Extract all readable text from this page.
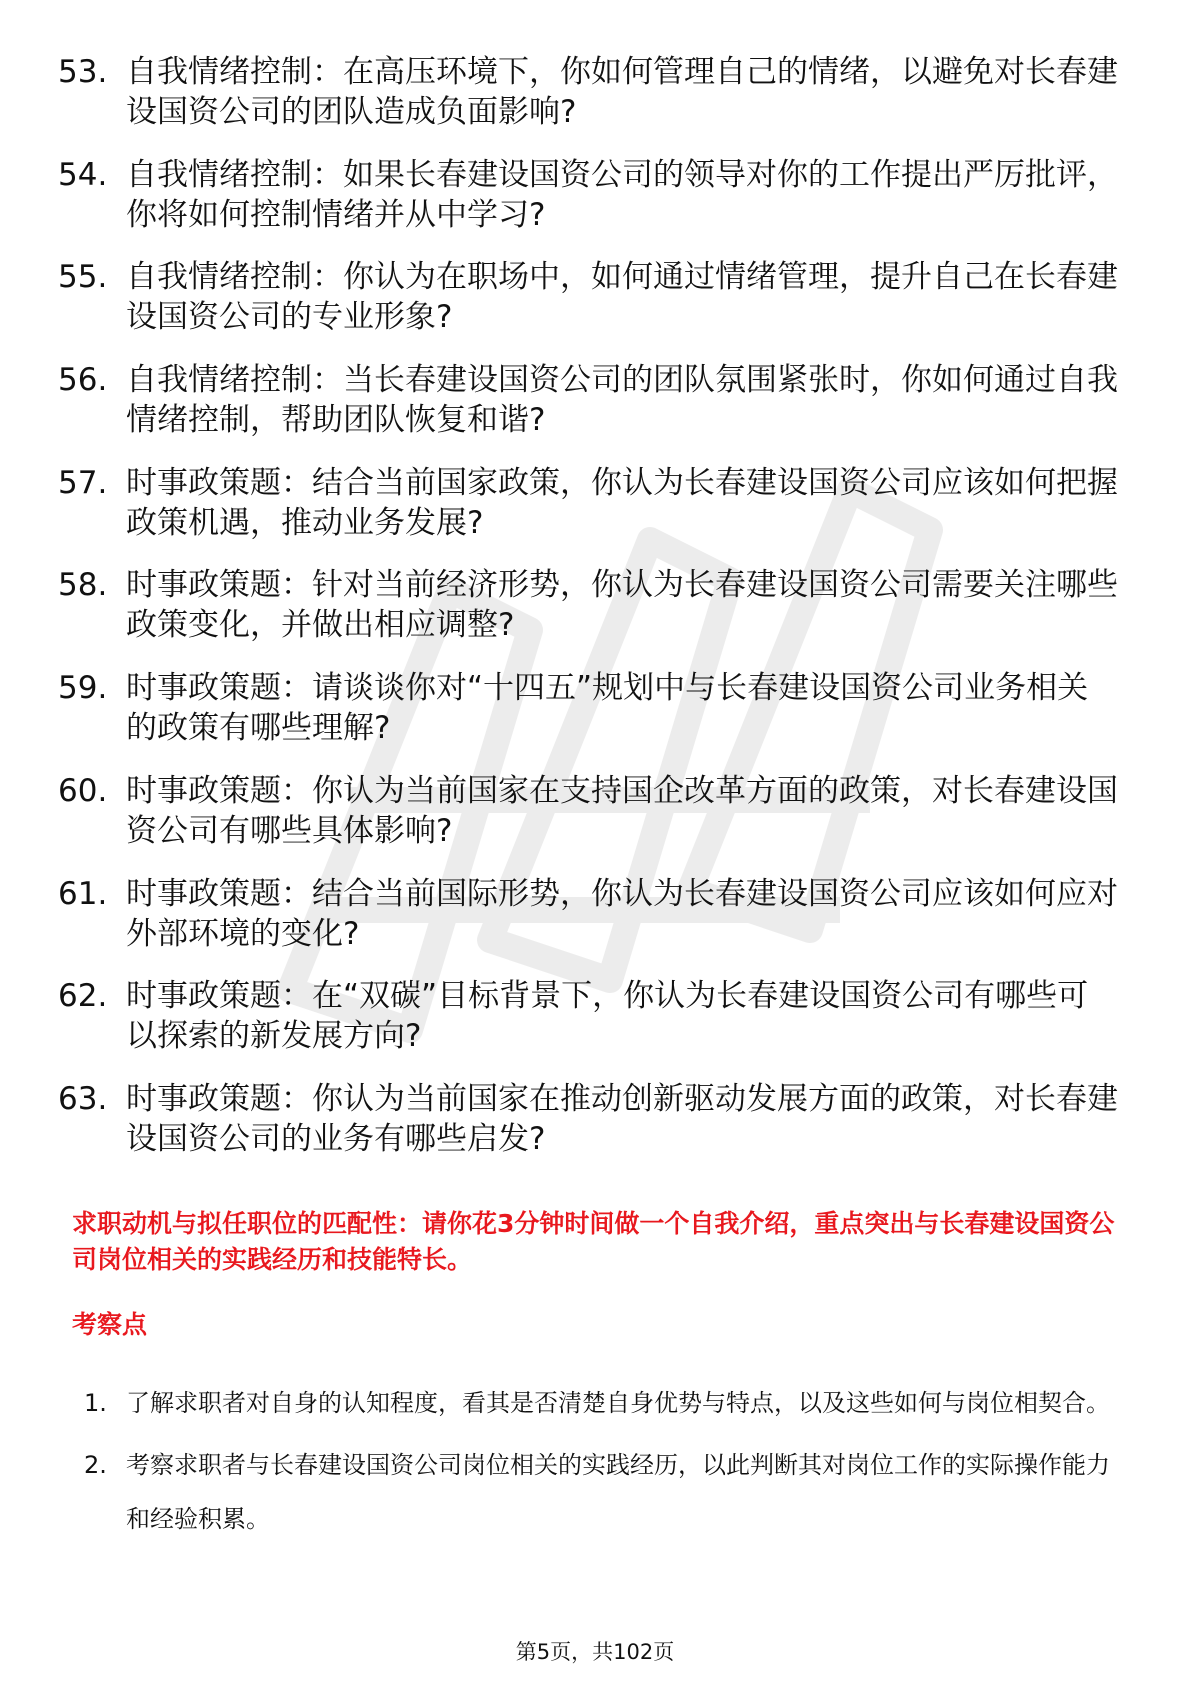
53. 自我情绪控制：在高压环境下，你如何管理自己的情绪，以避免对长春建设国资公司的团队造成负面影响?
54. 自我情绪控制：如果长春建设国资公司的领导对你的工作提出严厉批评，你将如何控制情绪并从中学习?
55. 自我情绪控制：你认为在职场中，如何通过情绪管理，提升自己在长春建设国资公司的专业形象?
56. 自我情绪控制：当长春建设国资公司的团队氛围紧张时，你如何通过自我情绪控制，帮助团队恢复和谐?
57. 时事政策题：结合当前国家政策，你认为长春建设国资公司应该如何把握政策机遇，推动业务发展?
58. 时事政策题：针对当前经济形势，你认为长春建设国资公司需要关注哪些政策变化，并做出相应调整?
59. 时事政策题：请谈谈你对“十四五”规划中与长春建设国资公司业务相关的政策有哪些理解?
60. 时事政策题：你认为当前国家在支持国企改革方面的政策，对长春建设国资公司有哪些具体影响?
61. 时事政策题：结合当前国际形势，你认为长春建设国资公司应该如何应对外部环境的变化?
62. 时事政策题：在“双碳”目标背景下，你认为长春建设国资公司有哪些可以探索的新发展方向?
63. 时事政策题：你认为当前国家在推动创新驱动发展方面的政策，对长春建设国资公司的业务有哪些启发?

求职动机与拟任职位的匹配性：请你花3分钟时间做一个自我介绍，重点突出与长春建设国资公司岗位相关的实践经历和技能特长。

考察点

1. 了解求职者对自身的认知程度，看其是否清楚自身优势与特点，以及这些如何与岗位相契合。
2. 考察求职者与长春建设国资公司岗位相关的实践经历，以此判断其对岗位工作的实际操作能力和经验积累。
第5页，共102页
